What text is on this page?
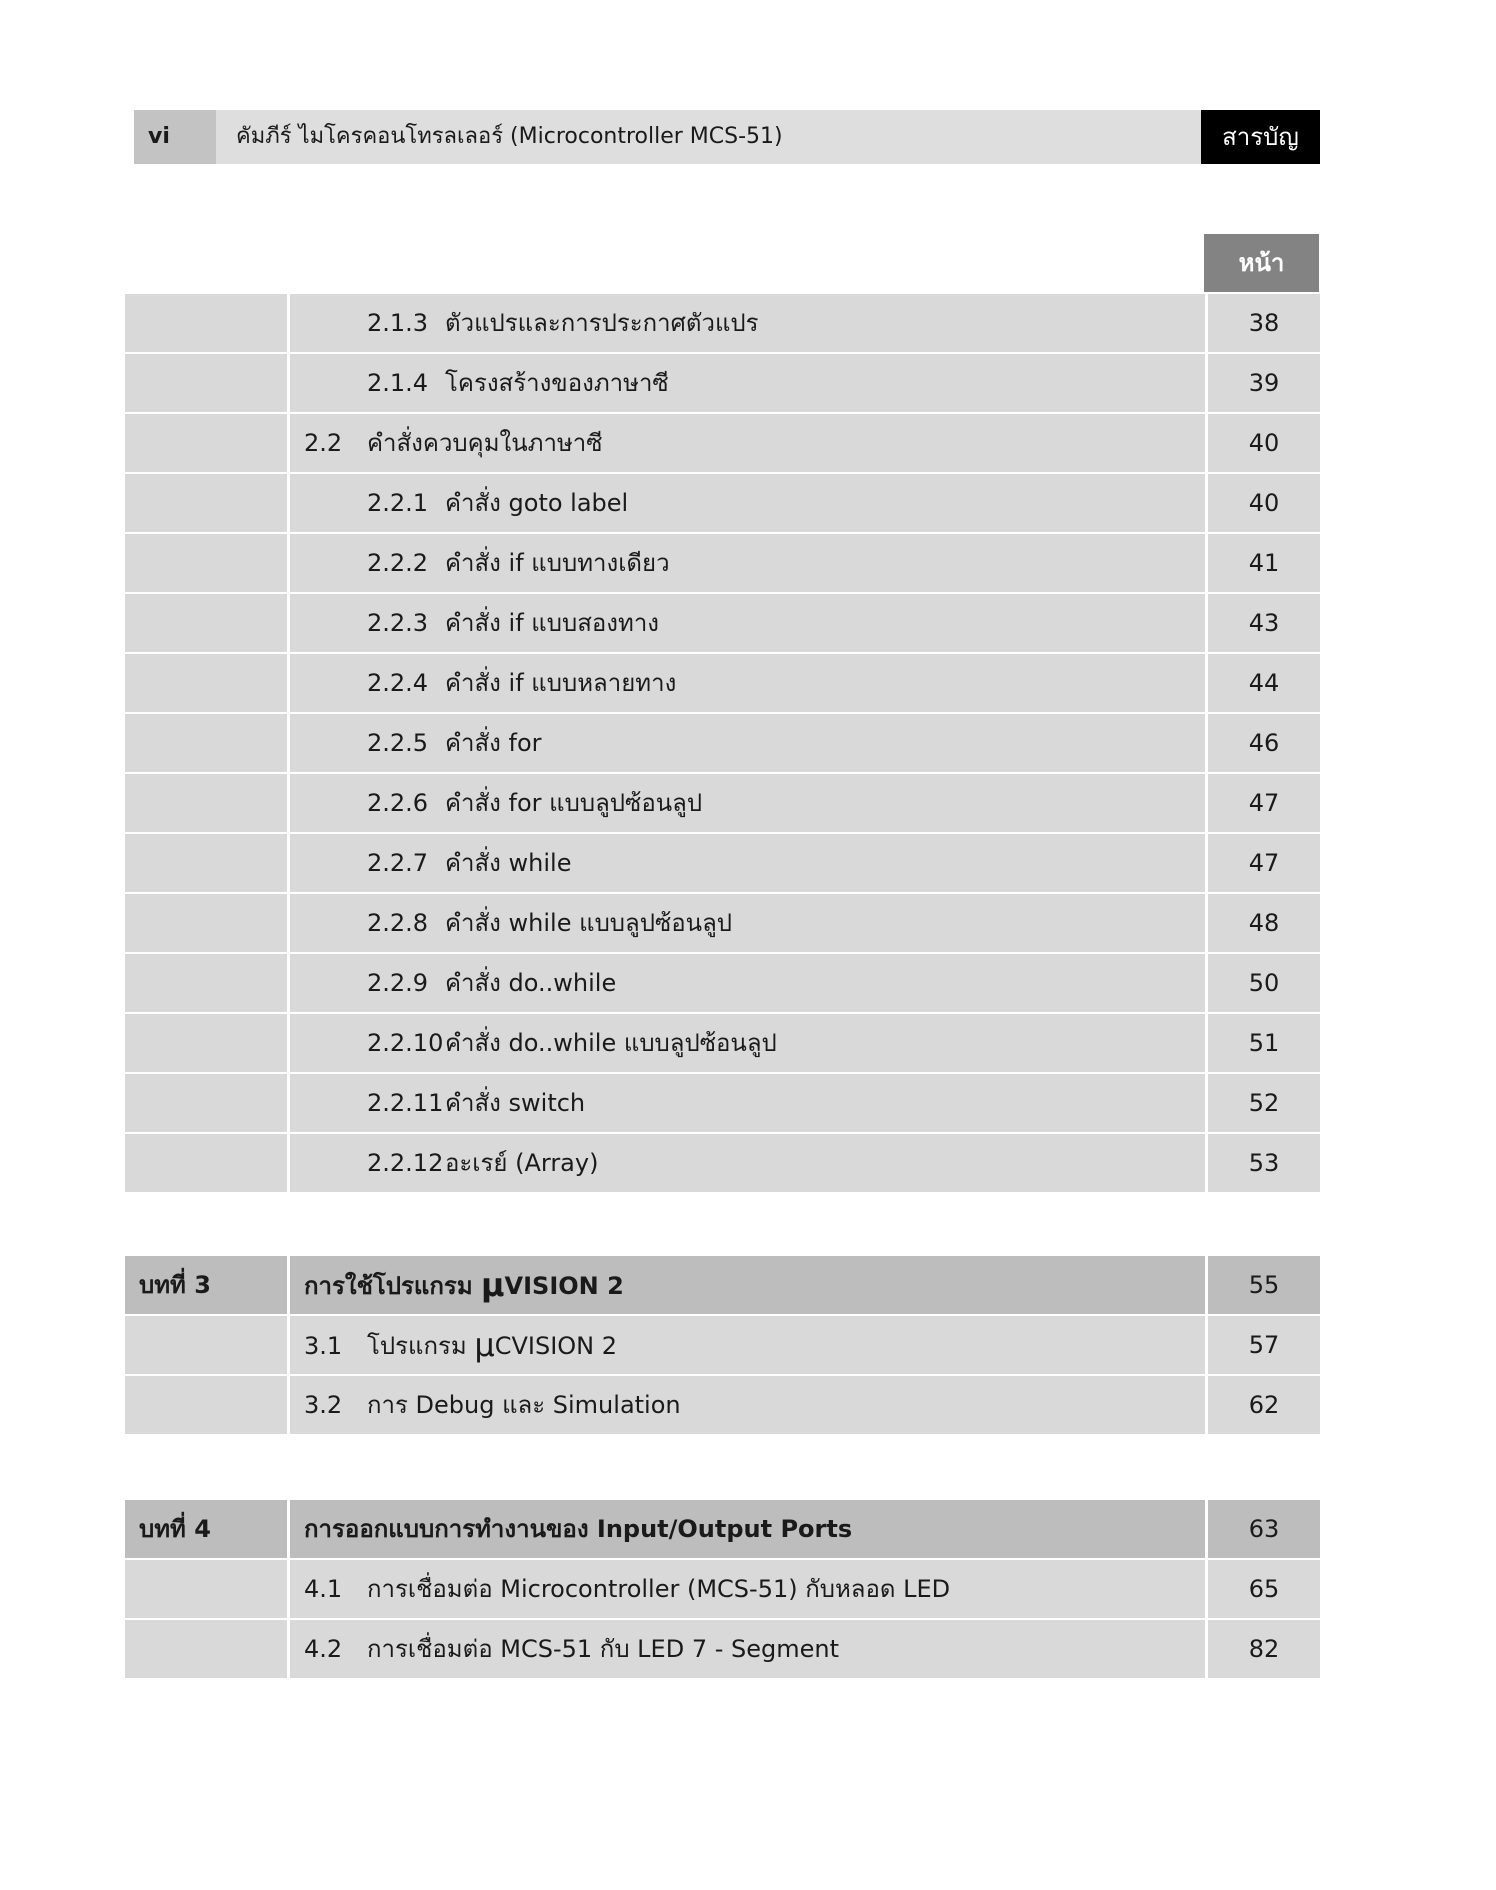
vi	คัมภีร์ ไมโครคอนโทรลเลอร์ (Microcontroller MCS-51)	สารบัญ
หน้า
2.1.3 ตัวแปรและการประกาศตัวแปร	38
2.1.4 โครงสร้างของภาษาซี	39
2.2 คำสั่งควบคุมในภาษาซี	40
2.2.1 คำสั่ง goto label	40
2.2.2 คำสั่ง if แบบทางเดียว	41
2.2.3 คำสั่ง if แบบสองทาง	43
2.2.4 คำสั่ง if แบบหลายทาง	44
2.2.5 คำสั่ง for	46
2.2.6 คำสั่ง for แบบลูปซ้อนลูป	47
2.2.7 คำสั่ง while	47
2.2.8 คำสั่ง while แบบลูปซ้อนลูป	48
2.2.9 คำสั่ง do..while	50
2.2.10คำสั่ง do..while แบบลูปซ้อนลูป	51
2.2.11คำสั่ง switch	52
2.2.12อะเรย์ (Array)	53
บทที่ 3	การใช้โปรแกรม μVISION 2	55
3.1 โปรแกรม μCVISION 2	57
3.2 การ Debug และ Simulation	62
บทที่ 4	การออกแบบการทำงานของ Input/Output Ports	63
4.1 การเชื่อมต่อ Microcontroller (MCS-51) กับหลอด LED	65
4.2 การเชื่อมต่อ MCS-51 กับ LED 7 - Segment	82
